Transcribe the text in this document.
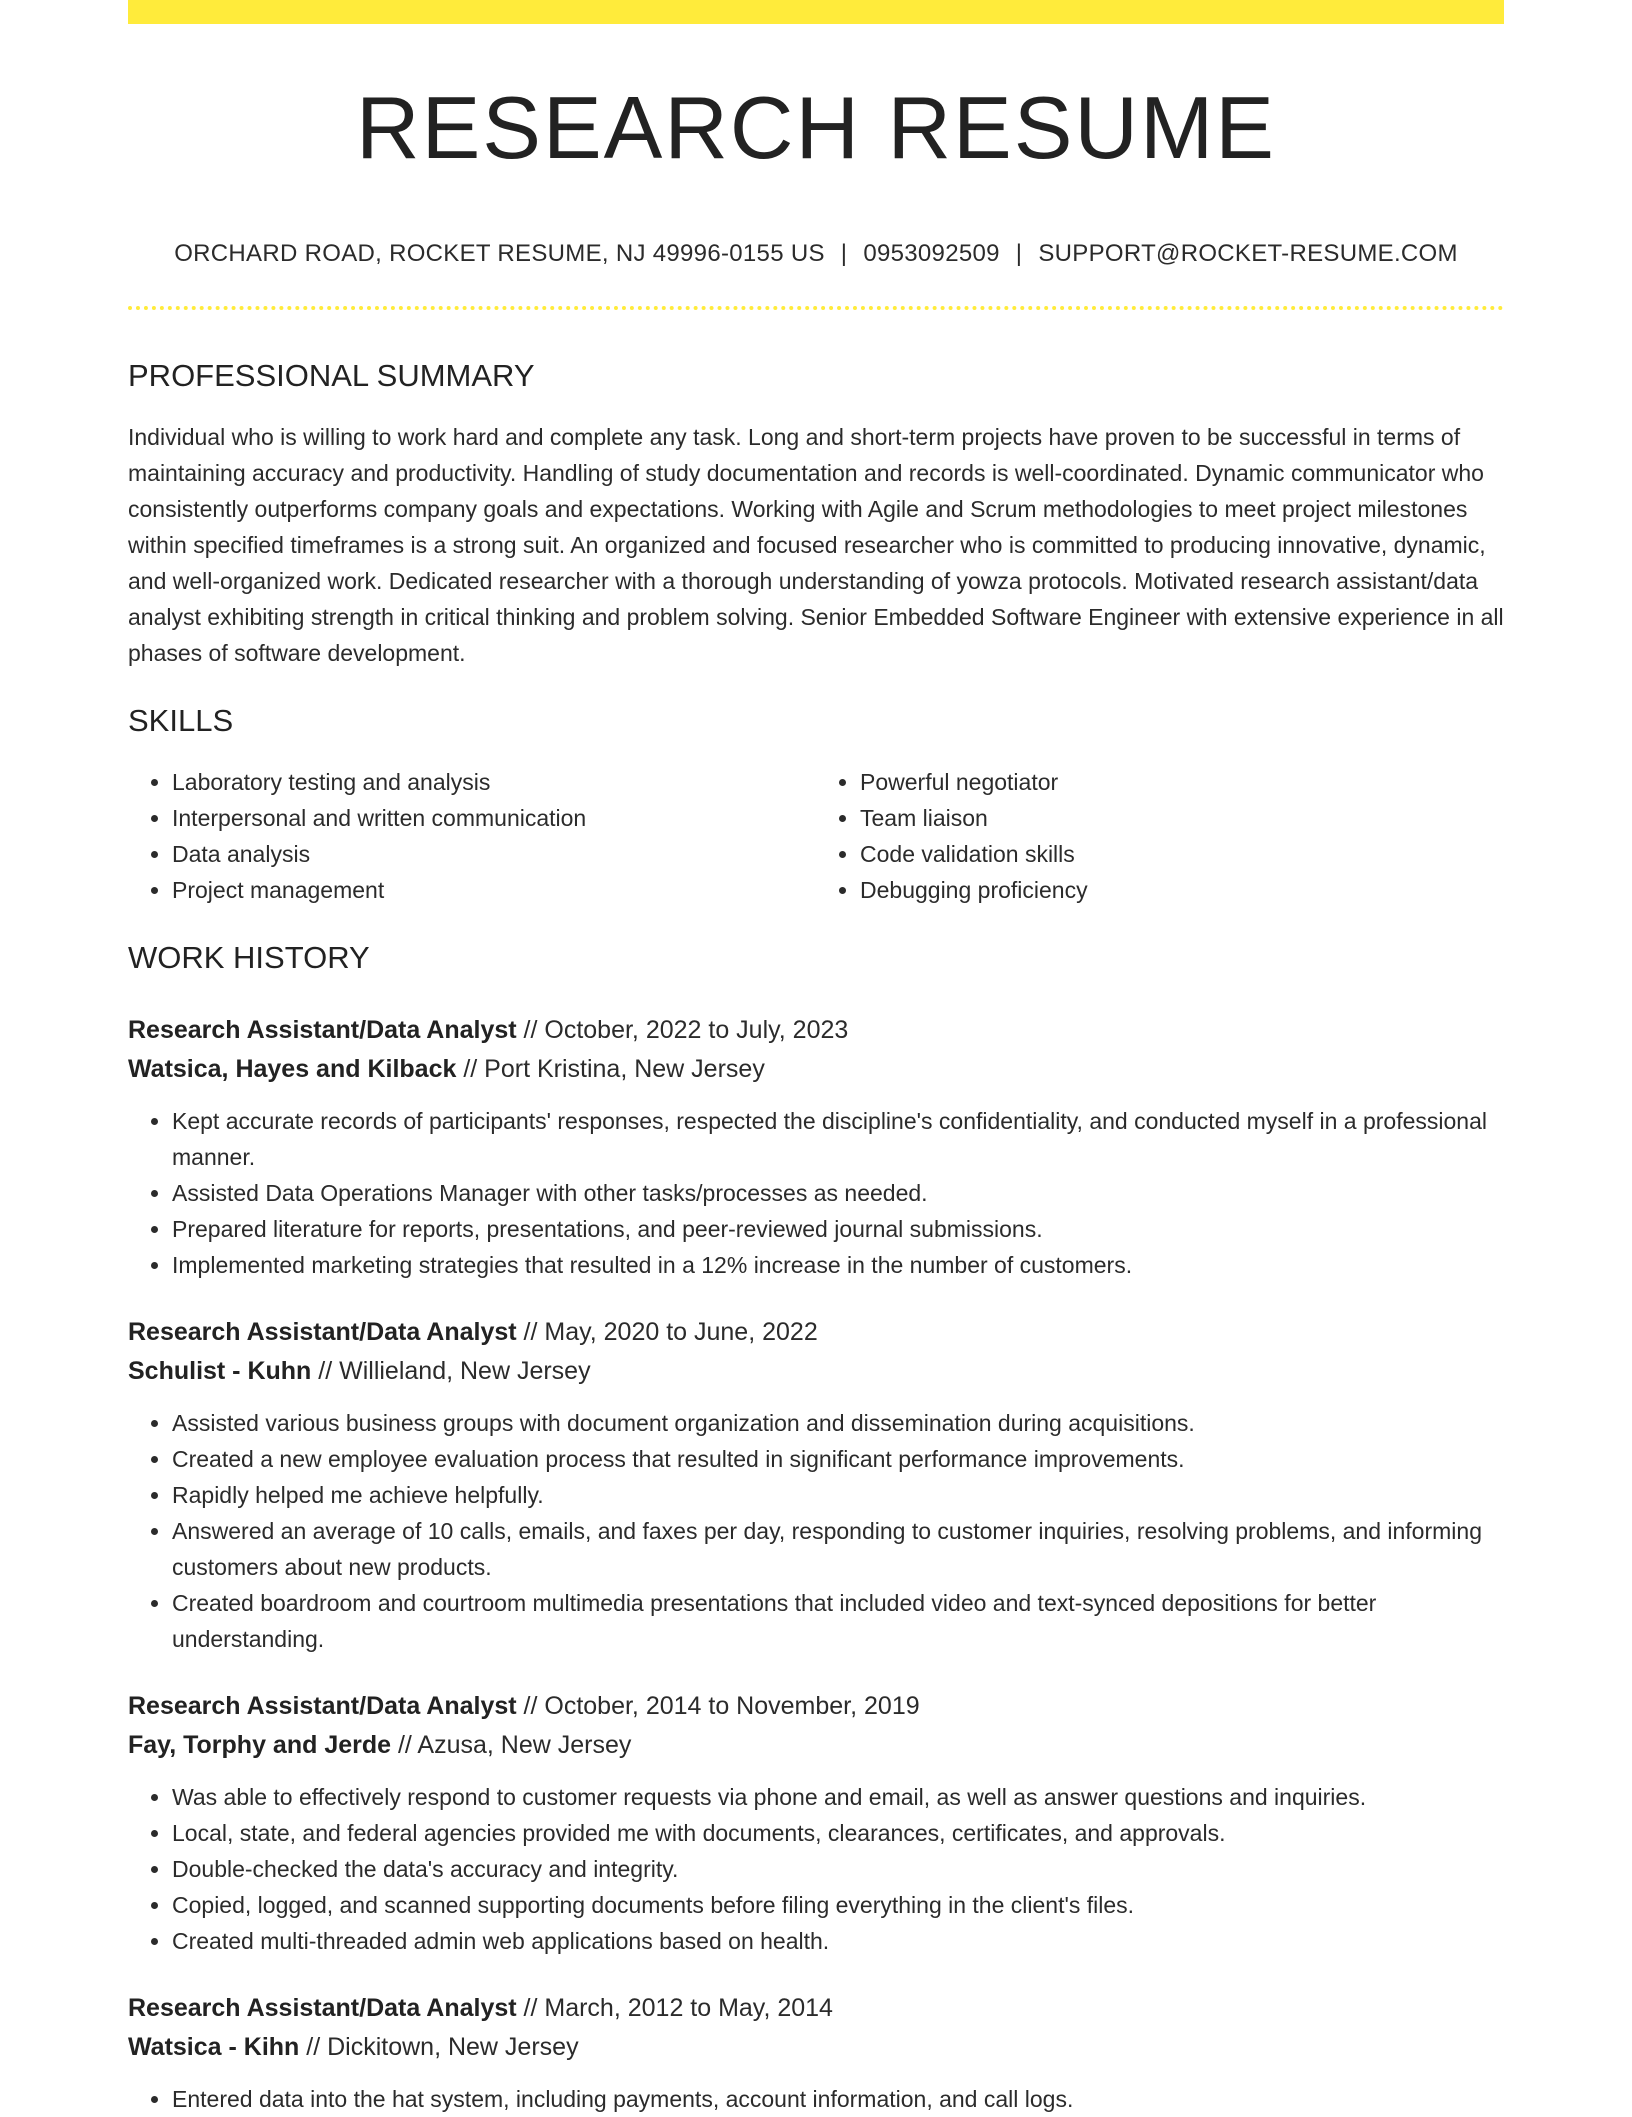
RESEARCH RESUME
ORCHARD ROAD, ROCKET RESUME, NJ 49996-0155 US | 0953092509 | SUPPORT@ROCKET-RESUME.COM
PROFESSIONAL SUMMARY
Individual who is willing to work hard and complete any task. Long and short-term projects have proven to be successful in terms of maintaining accuracy and productivity. Handling of study documentation and records is well-coordinated. Dynamic communicator who consistently outperforms company goals and expectations. Working with Agile and Scrum methodologies to meet project milestones within specified timeframes is a strong suit. An organized and focused researcher who is committed to producing innovative, dynamic, and well-organized work. Dedicated researcher with a thorough understanding of yowza protocols. Motivated research assistant/data analyst exhibiting strength in critical thinking and problem solving. Senior Embedded Software Engineer with extensive experience in all phases of software development.
SKILLS
• Laboratory testing and analysis
• Interpersonal and written communication
• Data analysis
• Project management
• Powerful negotiator
• Team liaison
• Code validation skills
• Debugging proficiency
WORK HISTORY
Research Assistant/Data Analyst // October, 2022 to July, 2023
Watsica, Hayes and Kilback // Port Kristina, New Jersey
• Kept accurate records of participants' responses, respected the discipline's confidentiality, and conducted myself in a professional manner.
• Assisted Data Operations Manager with other tasks/processes as needed.
• Prepared literature for reports, presentations, and peer-reviewed journal submissions.
• Implemented marketing strategies that resulted in a 12% increase in the number of customers.
Research Assistant/Data Analyst // May, 2020 to June, 2022
Schulist - Kuhn // Willieland, New Jersey
• Assisted various business groups with document organization and dissemination during acquisitions.
• Created a new employee evaluation process that resulted in significant performance improvements.
• Rapidly helped me achieve helpfully.
• Answered an average of 10 calls, emails, and faxes per day, responding to customer inquiries, resolving problems, and informing customers about new products.
• Created boardroom and courtroom multimedia presentations that included video and text-synced depositions for better understanding.
Research Assistant/Data Analyst // October, 2014 to November, 2019
Fay, Torphy and Jerde // Azusa, New Jersey
• Was able to effectively respond to customer requests via phone and email, as well as answer questions and inquiries.
• Local, state, and federal agencies provided me with documents, clearances, certificates, and approvals.
• Double-checked the data's accuracy and integrity.
• Copied, logged, and scanned supporting documents before filing everything in the client's files.
• Created multi-threaded admin web applications based on health.
Research Assistant/Data Analyst // March, 2012 to May, 2014
Watsica - Kihn // Dickitown, New Jersey
• Entered data into the hat system, including payments, account information, and call logs.
